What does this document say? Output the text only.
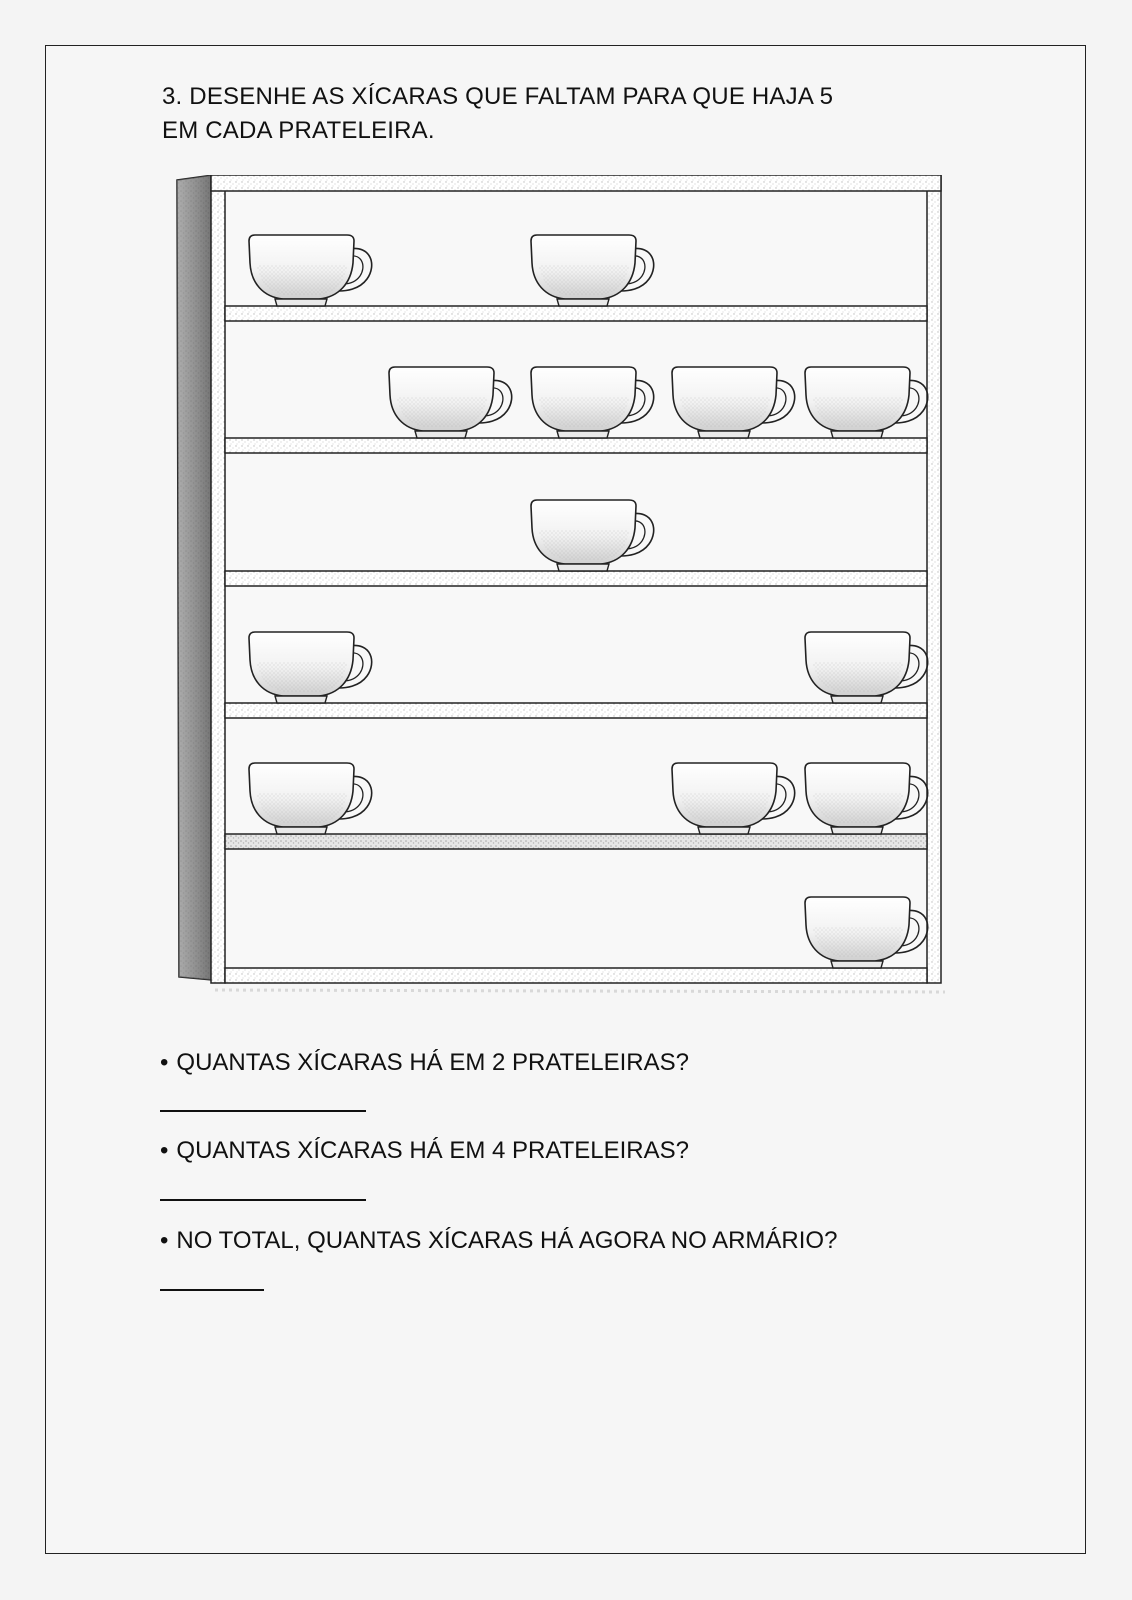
3. DESENHE AS XÍCARAS QUE FALTAM PARA QUE HAJA 5
EM CADA PRATELEIRA.

• QUANTAS XÍCARAS HÁ EM 2 PRATELEIRAS?

• QUANTAS XÍCARAS HÁ EM 4 PRATELEIRAS?

• NO TOTAL, QUANTAS XÍCARAS HÁ AGORA NO ARMÁRIO?
